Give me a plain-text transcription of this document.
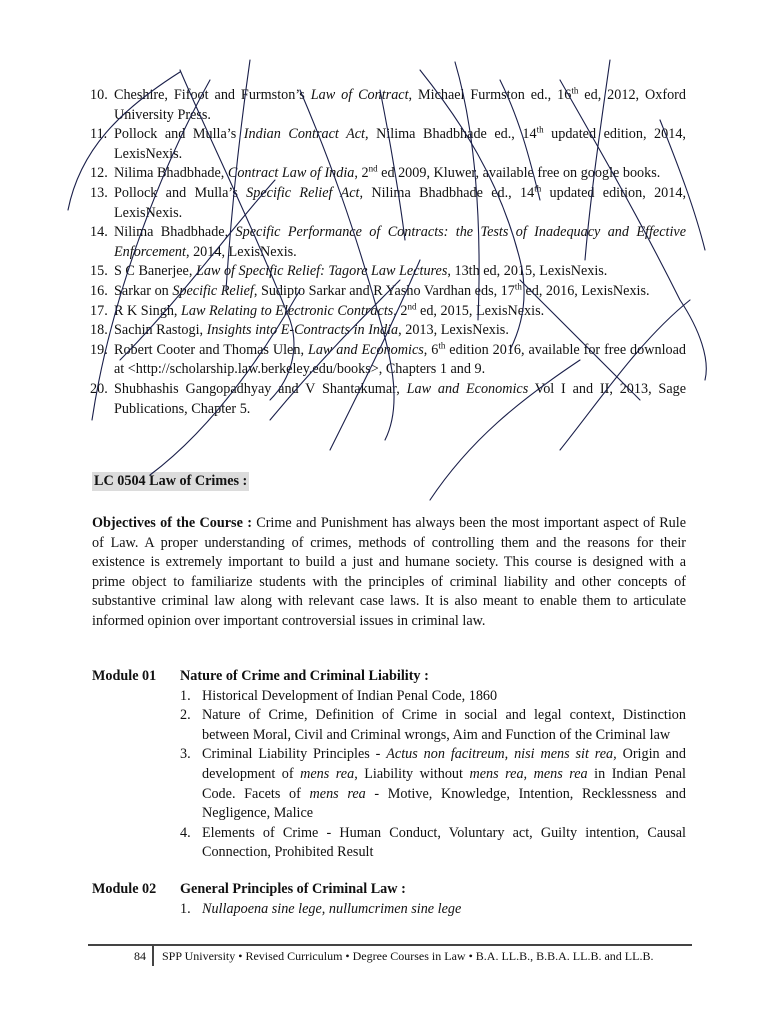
10. Cheshire, Fifoot and Furmston’s Law of Contract, Michael Furmston ed., 16th ed, 2012, Oxford University Press.
11. Pollock and Mulla’s Indian Contract Act, Nilima Bhadbhade ed., 14th updated edition, 2014, LexisNexis.
12. Nilima Bhadbhade, Contract Law of India, 2nd ed 2009, Kluwer, available free on google books.
13. Pollock and Mulla’s Specific Relief Act, Nilima Bhadbhade ed., 14th updated edition, 2014, LexisNexis.
14. Nilima Bhadbhade, Specific Performance of Contracts: the Tests of Inadequacy and Effective Enforcement, 2014, LexisNexis.
15. S C Banerjee, Law of Specific Relief: Tagore Law Lectures, 13th ed, 2015, LexisNexis.
16. Sarkar on Specific Relief, Sudipto Sarkar and R Yasho Vardhan eds, 17th ed, 2016, LexisNexis.
17. R K Singh, Law Relating to Electronic Contracts, 2nd ed, 2015, LexisNexis.
18. Sachin Rastogi, Insights into E-Contracts in India, 2013, LexisNexis.
19. Robert Cooter and Thomas Ulen, Law and Economics, 6th edition 2016, available for free download at <http://scholarship.law.berkeley.edu/books>, Chapters 1 and 9.
20. Shubhashis Gangopadhyay and V Shantakumar, Law and Economics Vol I and II, 2013, Sage Publications, Chapter 5.
LC 0504 Law of Crimes :
Objectives of the Course : Crime and Punishment has always been the most important aspect of Rule of Law. A proper understanding of crimes, methods of controlling them and the reasons for their existence is extremely important to build a just and humane society. This course is designed with a prime object to familiarize students with the principles of criminal liability and other concepts of substantive criminal law along with relevant case laws. It is also meant to enable them to articulate informed opinion over important controversial issues in criminal law.
Module 01	Nature of Crime and Criminal Liability :
1. Historical Development of Indian Penal Code, 1860
2. Nature of Crime, Definition of Crime in social and legal context, Distinction between Moral, Civil and Criminal wrongs, Aim and Function of the Criminal law
3. Criminal Liability Principles - Actus non facitreum, nisi mens sit rea, Origin and development of mens rea, Liability without mens rea, mens rea in Indian Penal Code. Facets of mens rea - Motive, Knowledge, Intention, Recklessness and Negligence, Malice
4. Elements of Crime - Human Conduct, Voluntary act, Guilty intention, Causal Connection, Prohibited Result
Module 02	General Principles of Criminal Law :
1. Nullapoena sine lege, nullumcrimen sine lege
84	SPP University • Revised Curriculum • Degree Courses in Law • B.A. LL.B., B.B.A. LL.B. and LL.B.
